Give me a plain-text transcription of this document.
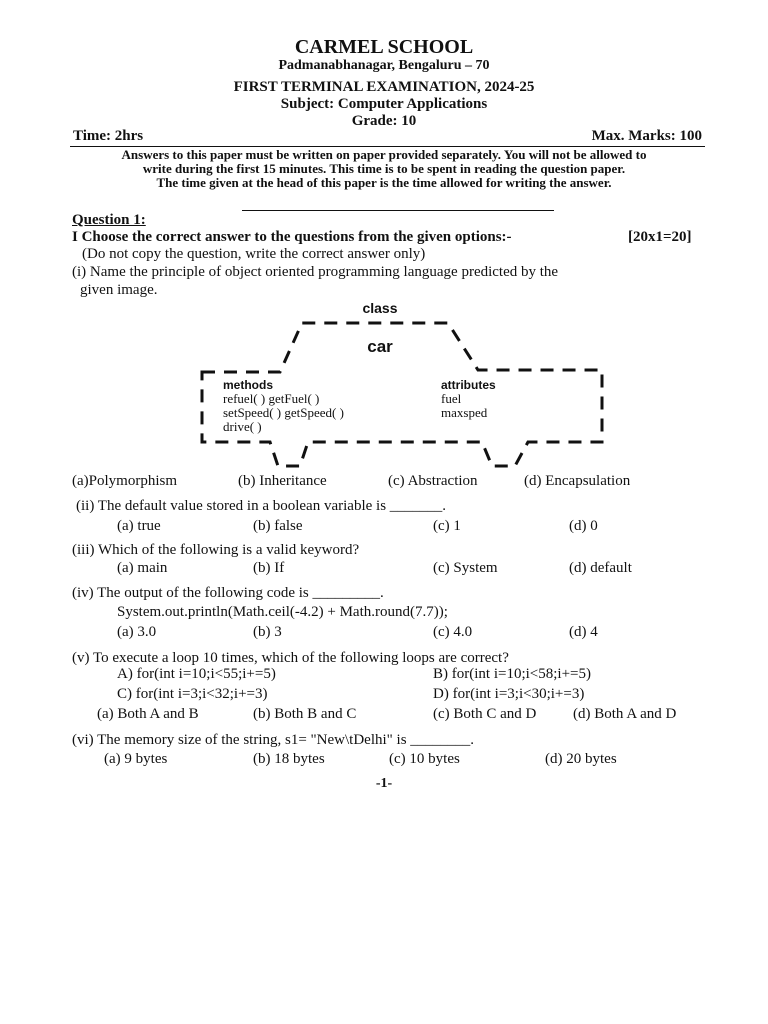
CARMEL SCHOOL
Padmanabhanagar, Bengaluru – 70
FIRST TERMINAL EXAMINATION, 2024-25
Subject: Computer Applications
Grade: 10
Time: 2hrs	Max. Marks: 100
Answers to this paper must be written on paper provided separately. You will not be allowed to
write during the first 15 minutes. This time is to be spent in reading the question paper.
The time given at the head of this paper is the time allowed for writing the answer.
Question 1:
I Choose the correct answer to the questions from the given options:-	[20x1=20]
(Do not copy the question, write the correct answer only)
(i) Name the principle of object oriented programming language predicted by the
given image.
class
car
methods
refuel( ) getFuel( )
setSpeed( ) getSpeed( )
drive( )
attributes
fuel
maxsped
(a)Polymorphism	(b) Inheritance	(c) Abstraction	(d) Encapsulation
(ii) The default value stored in a boolean variable is _______.
(a) true	(b) false	(c) 1	(d) 0
(iii) Which of the following is a valid keyword?
(a) main	(b) If	(c) System	(d) default
(iv) The output of the following code is _________.
System.out.println(Math.ceil(-4.2) + Math.round(7.7));
(a) 3.0	(b) 3	(c) 4.0	(d) 4
(v) To execute a loop 10 times, which of the following loops are correct?
A) for(int i=10;i<55;i+=5)	B) for(int i=10;i<58;i+=5)
C) for(int i=3;i<32;i+=3)	D) for(int i=3;i<30;i+=3)
(a) Both A and B	(b) Both B and C	(c) Both C and D (d) Both A and D
(vi) The memory size of the string, s1= "New\tDelhi" is ________.
(a) 9 bytes	(b) 18 bytes	(c) 10 bytes	(d) 20 bytes
-1-
